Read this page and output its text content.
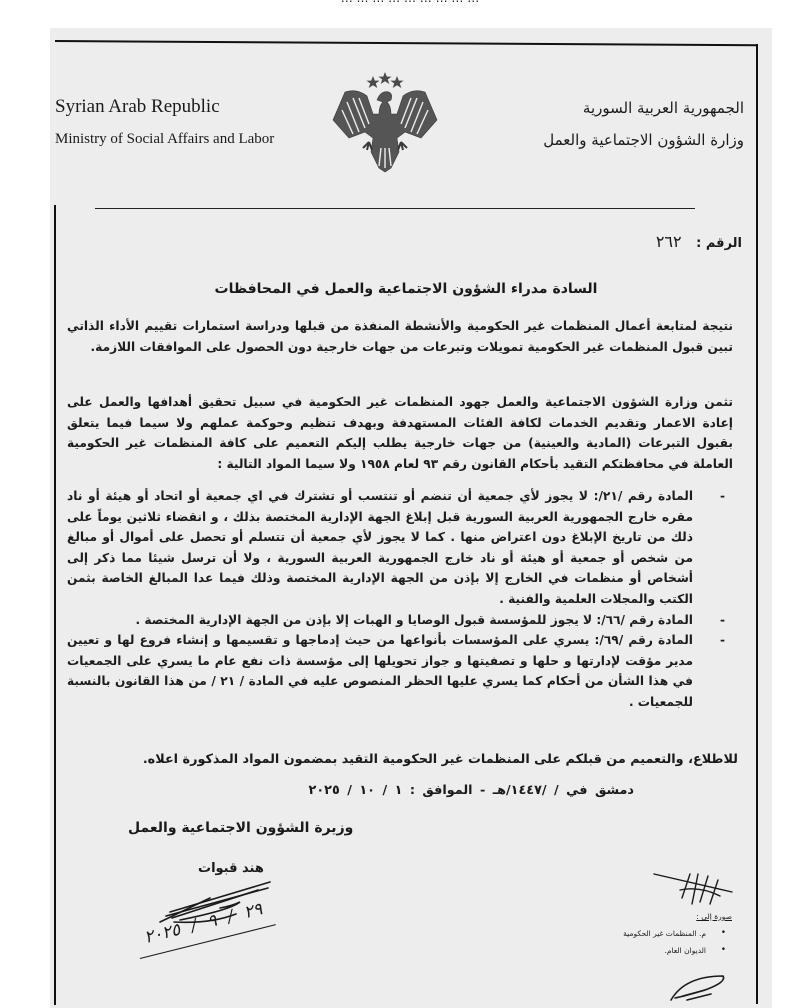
Syrian Arab Republic
Ministry of Social Affairs and Labor
الجمهورية العربية السورية
وزارة الشؤون الاجتماعية والعمل
الرقم : ٢٦٢
السادة مدراء الشؤون الاجتماعية والعمل في المحافظات
نتيجة لمتابعة أعمال المنظمات غير الحكومية والأنشطة المنفذة من قبلها ودراسة استمارات تقييم الأداء الذاتي تبين قبول المنظمات غير الحكومية تمويلات وتبرعات من جهات خارجية دون الحصول على الموافقات اللازمة.
تثمن وزارة الشؤون الاجتماعية والعمل جهود المنظمات غير الحكومية في سبيل تحقيق أهدافها والعمل على إعادة الاعمار وتقديم الخدمات لكافة الفئات المستهدفة وبهدف تنظيم وحوكمة عملهم ولا سيما فيما يتعلق بقبول التبرعات (المادية والعينية) من جهات خارجية يطلب إليكم التعميم على كافة المنظمات غير الحكومية العاملة في محافظتكم التقيد بأحكام القانون رقم ٩٣ لعام ١٩٥٨ ولا سيما المواد التالية :
-
المادة رقم /٢١/: لا يجوز لأي جمعية أن تنضم أو تنتسب أو تشترك في اي جمعية أو اتحاد أو هيئة أو ناد مقره خارج الجمهورية العربية السورية قبل إبلاغ الجهة الإدارية المختصة بذلك ، و انقضاء ثلاثين يوماً على ذلك من تاريخ الإبلاغ دون اعتراض منها . كما لا يجوز لأي جمعية أن تتسلم أو تحصل على أموال أو مبالغ من شخص أو جمعية أو هيئة أو ناد خارج الجمهورية العربية السورية ، ولا أن ترسل شيئا مما ذكر إلى أشخاص أو منظمات في الخارج إلا بإذن من الجهة الإدارية المختصة وذلك فيما عدا المبالغ الخاصة بثمن الكتب والمجلات العلمية والفنية .
-
المادة رقم /٦٦/: لا يجوز للمؤسسة قبول الوصايا و الهبات إلا بإذن من الجهة الإدارية المختصة .
-
المادة رقم /٦٩/: يسري على المؤسسات بأنواعها من حيث إدماجها و تقسيمها و إنشاء فروع لها و تعيين مدير مؤقت لإدارتها و حلها و تصفيتها و جواز تحويلها إلى مؤسسة ذات نفع عام ما يسري على الجمعيات في هذا الشأن من أحكام كما يسري عليها الحظر المنصوص عليه في المادة / ٢١ / من هذا القانون بالنسبة للجمعيات .
للاطلاع، والتعميم من قبلكم على المنظمات غير الحكومية التقيد بمضمون المواد المذكورة اعلاه.
دمشق في / /١٤٤٧/هـ - الموافق : ١ / ١٠ / ٢٠٢٥
وزيرة الشؤون الاجتماعية والعمل
هند قبوات
٢٩ / ٩ / ٢٠٢٥	صورة إلى :
• م. المنظمات غير الحكومية
• الديوان العام.
